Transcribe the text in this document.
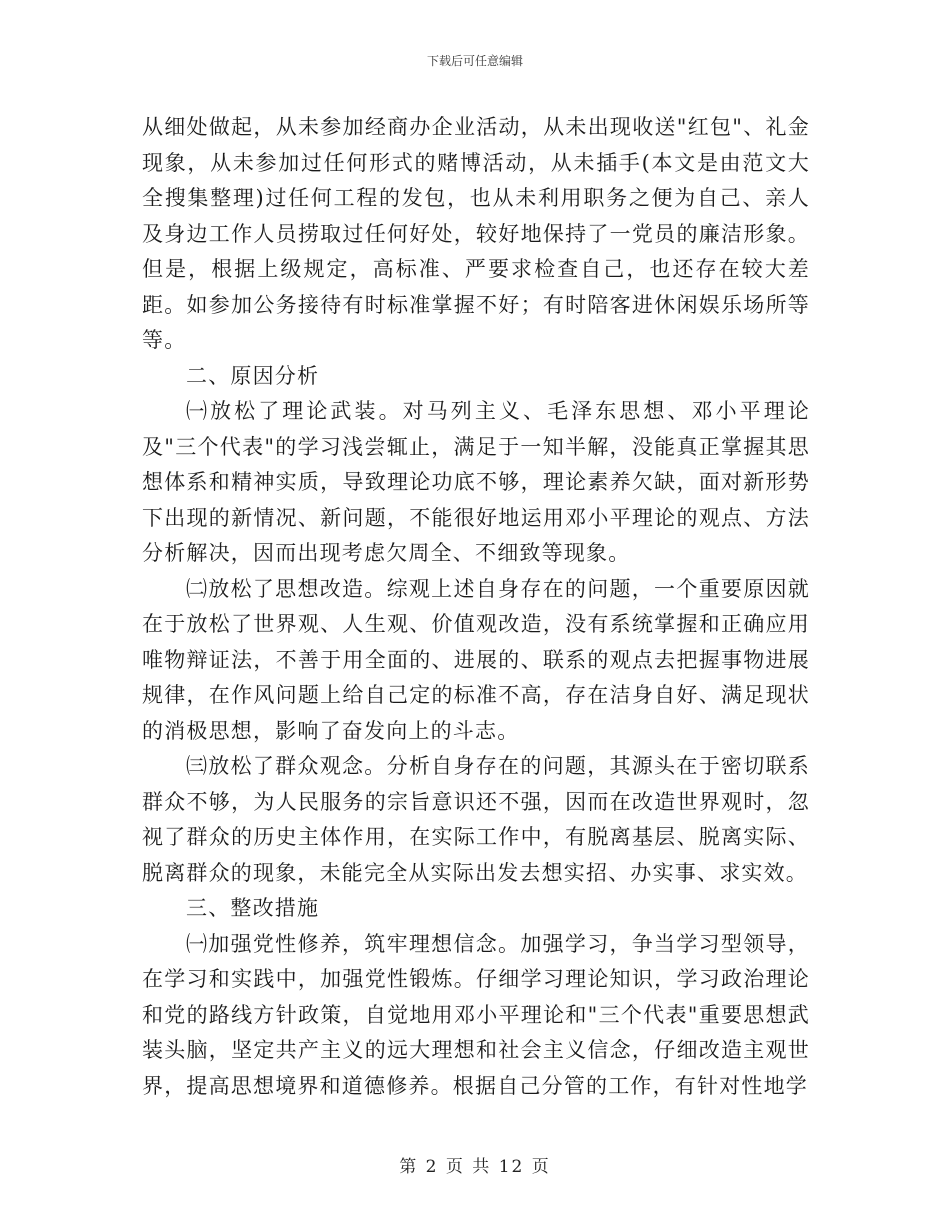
下载后可任意编辑

从细处做起，从未参加经商办企业活动，从未出现收送"红包"、礼金现象，从未参加过任何形式的赌博活动，从未插手(本文是由范文大全搜集整理)过任何工程的发包，也从未利用职务之便为自己、亲人及身边工作人员捞取过任何好处，较好地保持了一党员的廉洁形象。但是，根据上级规定，高标准、严要求检查自己，也还存在较大差距。如参加公务接待有时标准掌握不好；有时陪客进休闲娱乐场所等等。

二、原因分析

㈠放松了理论武装。对马列主义、毛泽东思想、邓小平理论及"三个代表"的学习浅尝辄止，满足于一知半解，没能真正掌握其思想体系和精神实质，导致理论功底不够，理论素养欠缺，面对新形势下出现的新情况、新问题，不能很好地运用邓小平理论的观点、方法分析解决，因而出现考虑欠周全、不细致等现象。

㈡放松了思想改造。综观上述自身存在的问题，一个重要原因就在于放松了世界观、人生观、价值观改造，没有系统掌握和正确应用唯物辩证法，不善于用全面的、进展的、联系的观点去把握事物进展规律，在作风问题上给自己定的标准不高，存在洁身自好、满足现状的消极思想，影响了奋发向上的斗志。

㈢放松了群众观念。分析自身存在的问题，其源头在于密切联系群众不够，为人民服务的宗旨意识还不强，因而在改造世界观时，忽视了群众的历史主体作用，在实际工作中，有脱离基层、脱离实际、脱离群众的现象，未能完全从实际出发去想实招、办实事、求实效。

三、整改措施

㈠加强党性修养，筑牢理想信念。加强学习，争当学习型领导，在学习和实践中，加强党性锻炼。仔细学习理论知识，学习政治理论和党的路线方针政策，自觉地用邓小平理论和"三个代表"重要思想武装头脑，坚定共产主义的远大理想和社会主义信念，仔细改造主观世界，提高思想境界和道德修养。根据自己分管的工作，有针对性地学

第 2 页 共 12 页
